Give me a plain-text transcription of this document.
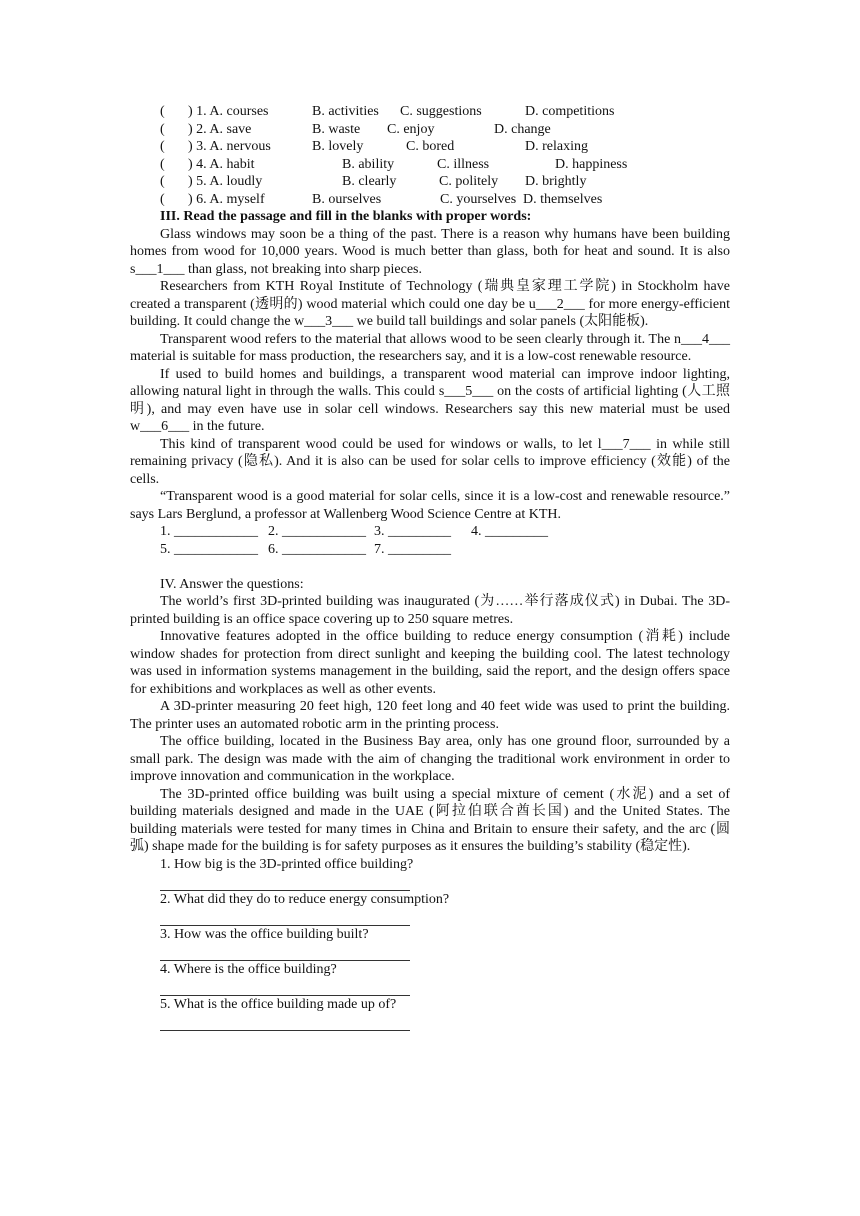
( ) 1. A. courses	B. activities C. suggestions	D. competitions
( ) 2. A. save	B. waste C. enjoy	D. change
( ) 3. A. nervous	B. lovely	C. bored	D. relaxing
( ) 4. A. habit	B. ability	C. illness	D. happiness
( ) 5. A. loudly	B. clearly	C. politely D. brightly
( ) 6. A. myself	B. ourselves	C. yourselves D. themselves
III. Read the passage and fill in the blanks with proper words:

Glass windows may soon be a thing of the past. There is a reason why humans have been building homes from wood for 10,000 years. Wood is much better than glass, both for heat and sound. It is also s___1___ than glass, not breaking into sharp pieces.

Researchers from KTH Royal Institute of Technology (瑞典皇家理工学院) in Stockholm have created a transparent (透明的) wood material which could one day be u___2___ for more energy-efficient building. It could change the w___3___ we build tall buildings and solar panels (太阳能板).

Transparent wood refers to the material that allows wood to be seen clearly through it. The n___4___ material is suitable for mass production, the researchers say, and it is a low-cost renewable resource.

If used to build homes and buildings, a transparent wood material can improve indoor lighting, allowing natural light in through the walls. This could s___5___ on the costs of artificial lighting (人工照明), and may even have use in solar cell windows. Researchers say this new material must be used w___6___ in the future.

This kind of transparent wood could be used for windows or walls, to let l___7___ in while still remaining privacy (隐私). And it is also can be used for solar cells to improve efficiency (效能) of the cells.

“Transparent wood is a good material for solar cells, since it is a low-cost and renewable resource.” says Lars Berglund, a professor at Wallenberg Wood Science Centre at KTH.

1. ____________ 2. ____________ 3. _________ 4. _________
5. ____________ 6. ____________ 7. _________
IV. Answer the questions:

The world’s first 3D-printed building was inaugurated (为……举行落成仪式) in Dubai. The 3D-printed building is an office space covering up to 250 square metres.

Innovative features adopted in the office building to reduce energy consumption (消耗) include window shades for protection from direct sunlight and keeping the building cool. The latest technology was used in information systems management in the building, said the report, and the design offers space for exhibitions and workplaces as well as other events.

A 3D-printer measuring 20 feet high, 120 feet long and 40 feet wide was used to print the building. The printer uses an automated robotic arm in the printing process.

The office building, located in the Business Bay area, only has one ground floor, surrounded by a small park. The design was made with the aim of changing the traditional work environment in order to improve innovation and communication in the workplace.

The 3D-printed office building was built using a special mixture of cement (水泥) and a set of building materials designed and made in the UAE (阿拉伯联合酋长国) and the United States. The building materials were tested for many times in China and Britain to ensure their safety, and the arc (圆弧) shape made for the building is for safety purposes as it ensures the building’s stability (稳定性).

1. How big is the 3D-printed office building?
2. What did they do to reduce energy consumption?
3. How was the office building built?
4. Where is the office building?
5. What is the office building made up of?
